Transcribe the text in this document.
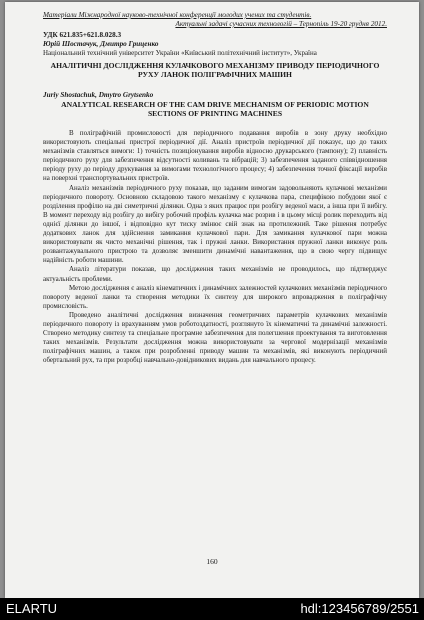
Матеріали Міжнародної науково-технічної конференції молодих учених та студентів.
Актуальні задачі сучасних технологій – Тернопіль 19-20 грудня 2012.
УДК 621.835+621.8.028.3
Юрій Шостачук, Дмитро Гриценко
Національний технічний університет України «Київський політехнічний інститут», Україна
АНАЛІТИЧНІ ДОСЛІДЖЕННЯ КУЛАЧКОВОГО МЕХАНІЗМУ ПРИВОДУ ПЕРІОДИЧНОГО РУХУ ЛАНОК ПОЛІГРАФІЧНИХ МАШИН
Juriy Shostachuk, Dmytro Grytsenko
ANALYTICAL RESEARCH OF THE CAM DRIVE MECHANISM OF PERIODIC MOTION SECTIONS OF PRINTING MACHINES

В поліграфічній промисловості для періодичного подавання виробів в зону друку необхідно використовують спеціальні пристрої періодичної дії. Аналіз пристроїв періодичної дії показує, що до таких механізмів ставляться вимоги: 1) точність позиціонування виробів відносно друкарського (тампону); 2) плавність періодичного руху для забезпечення відсутності коливань та вібрацій; 3) забезпечення заданого співвідношення періоду руху до періоду друкування за вимогами технологічного процесу; 4) забезпечення точної фіксації виробів на поверхні транспортувальних пристроїв.

Аналіз механізмів періодичного руху показав, що заданим вимогам задовольняють кулачкові механізми періодичного повороту. Основною складовою такого механізму є кулачкова пара, специфікою побудови якої є розділення профілю на дві симетричні ділянки. Одна з яких працює при розбігу веденої маси, а інша при її вибігу. В момент переходу від розбігу до вибігу робочий профіль кулачка має розрив і в цьому місці ролик переходить від однієї ділянки до іншої, і відповідно кут тиску змінює свій знак на протилежний. Таке рішення потребує додаткових ланок для здійснення замикання кулачкової пари. Для замикання кулачкової пари можна використовувати як чисто механічні рішення, так і пружні ланки. Використання пружної ланки виконує роль розвантажувального пристрою та дозволяє зменшити динамічні навантаження, що в свою чергу підвищує надійність роботи машини.

Аналіз літератури показав, що дослідження таких механізмів не проводилось, що підтверджує актуальність проблеми.

Метою дослідження є аналіз кінематичних і динамічних залежностей кулачкових механізмів періодичного повороту веденої ланки та створення методики їх синтезу для широкого впровадження в поліграфічну промисловість.

Проведено аналітичні дослідження визначення геометричних параметрів кулачкових механізмів періодичного повороту із врахуванням умов роботоздатності, розглянуто їх кінематичні та динамічні залежності. Створено методику синтезу та спеціальне програмне забезпечення для полегшення проектування та виготовлення таких механізмів. Результати дослідження можна використовувати за чергової модернізації механізмів поліграфічних машин, а також при розробленні приводу машин та механізмів, які виконують періодичний обертальний рух, та при розробці навчально-довідникових видань для навчального процесу.

160
ELARTU	hdl:123456789/2551
